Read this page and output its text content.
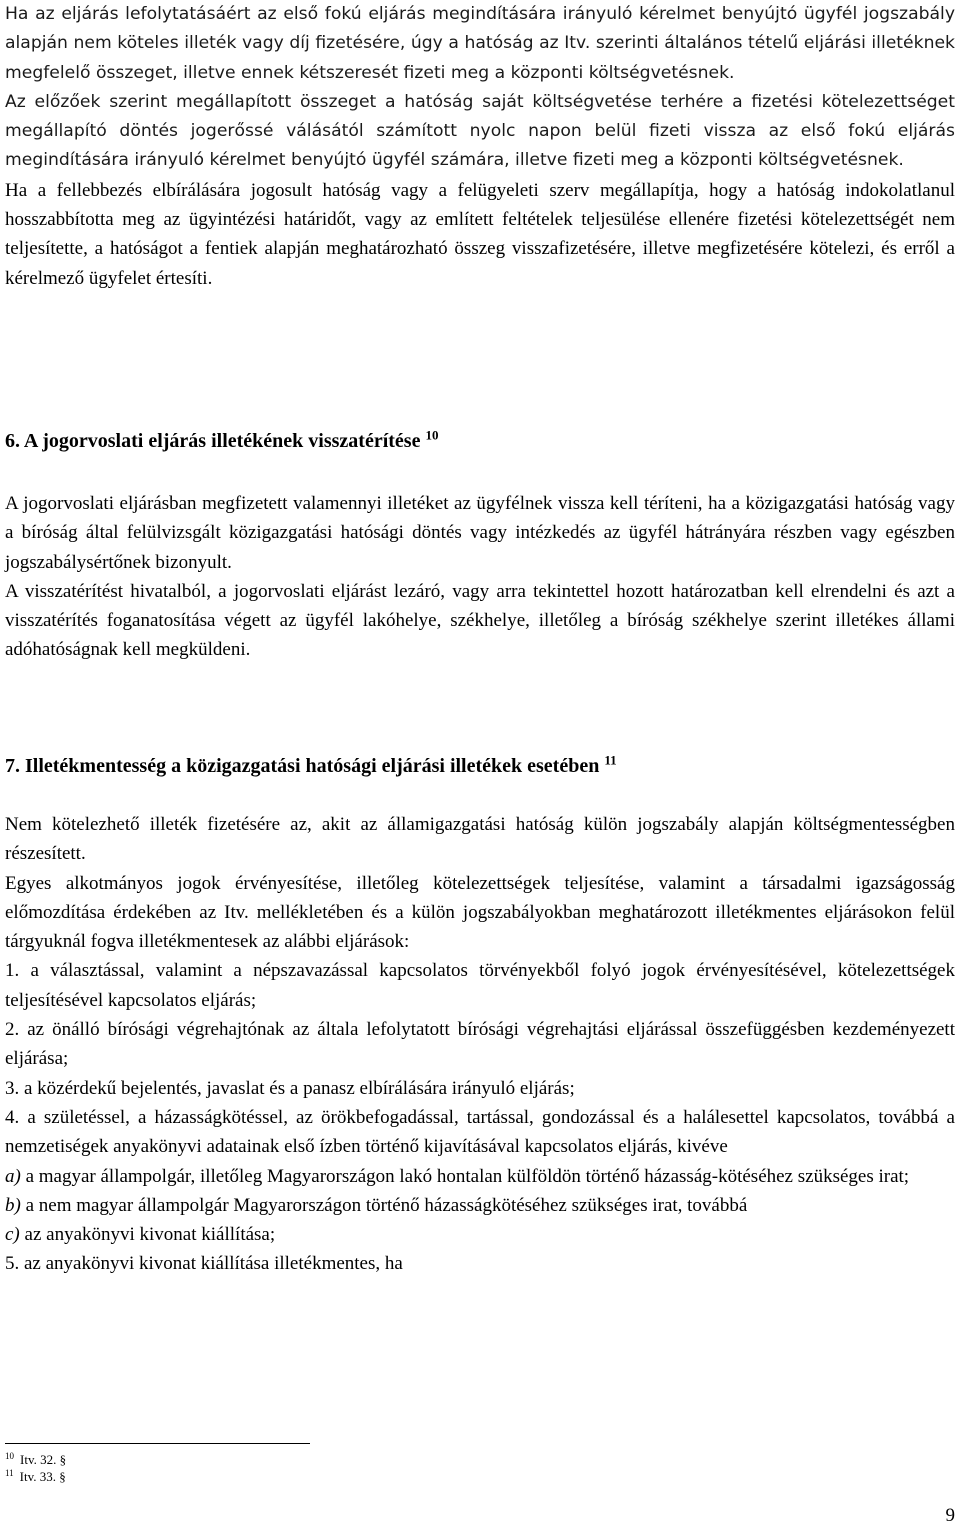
Ha az eljárás lefolytatásáért az első fokú eljárás megindítására irányuló kérelmet benyújtó ügyfél jogszabály alapján nem köteles illeték vagy díj fizetésére, úgy a hatóság az Itv. szerinti általános tételű eljárási illetéknek megfelelő összeget, illetve ennek kétszeresét fizeti meg a központi költségvetésnek.

Az előzőek szerint megállapított összeget a hatóság saját költségvetése terhére a fizetési kötelezettséget megállapító döntés jogerőssé válásától számított nyolc napon belül fizeti vissza az első fokú eljárás megindítására irányuló kérelmet benyújtó ügyfél számára, illetve fizeti meg a központi költségvetésnek.

Ha a fellebbezés elbírálására jogosult hatóság vagy a felügyeleti szerv megállapítja, hogy a hatóság indokolatlanul hosszabbította meg az ügyintézési határidőt, vagy az említett feltételek teljesülése ellenére fizetési kötelezettségét nem teljesítette, a hatóságot a fentiek alapján meghatározható összeg visszafizetésére, illetve megfizetésére kötelezi, és erről a kérelmező ügyfelet értesíti.

6. A jogorvoslati eljárás illetékének visszatérítése $^{10}$

A jogorvoslati eljárásban megfizetett valamennyi illetéket az ügyfélnek vissza kell téríteni, ha a közigazgatási hatóság vagy a bíróság által felülvizsgált közigazgatási hatósági döntés vagy intézkedés az ügyfél hátrányára részben vagy egészben jogszabálysértőnek bizonyult.

A visszatérítést hivatalból, a jogorvoslati eljárást lezáró, vagy arra tekintettel hozott határozatban kell elrendelni és azt a visszatérítés foganatosítása végett az ügyfél lakóhelye, székhelye, illetőleg a bíróság székhelye szerint illetékes állami adóhatóságnak kell megküldeni.

7. Illetékmentesség a közigazgatási hatósági eljárási illetékek esetében $^{11}$

Nem kötelezhető illeték fizetésére az, akit az államigazgatási hatóság külön jogszabály alapján költségmentességben részesített.

Egyes alkotmányos jogok érvényesítése, illetőleg kötelezettségek teljesítése, valamint a társadalmi igazságosság előmozdítása érdekében az Itv. mellékletében és a külön jogszabályokban meghatározott illetékmentes eljárásokon felül tárgyuknál fogva illetékmentesek az alábbi eljárások:

1. a választással, valamint a népszavazással kapcsolatos törvényekből folyó jogok érvényesítésével, kötelezettségek teljesítésével kapcsolatos eljárás;

2. az önálló bírósági végrehajtónak az általa lefolytatott bírósági végrehajtási eljárással összefüggésben kezdeményezett eljárása;

3. a közérdekű bejelentés, javaslat és a panasz elbírálására irányuló eljárás;

4. a születéssel, a házasságkötéssel, az örökbefogadással, tartással, gondozással és a halálesettel kapcsolatos, továbbá a nemzetiségek anyakönyvi adatainak első ízben történő kijavításával kapcsolatos eljárás, kivéve

a) a magyar állampolgár, illetőleg Magyarországon lakó hontalan külföldön történő házasság-kötéséhez szükséges irat;

b) a nem magyar állampolgár Magyarországon történő házasságkötéséhez szükséges irat, továbbá

c) az anyakönyvi kivonat kiállítása;

5. az anyakönyvi kivonat kiállítása illetékmentes, ha

$^{10}$ Itv. 32. §
$^{11}$ Itv. 33. §
9
